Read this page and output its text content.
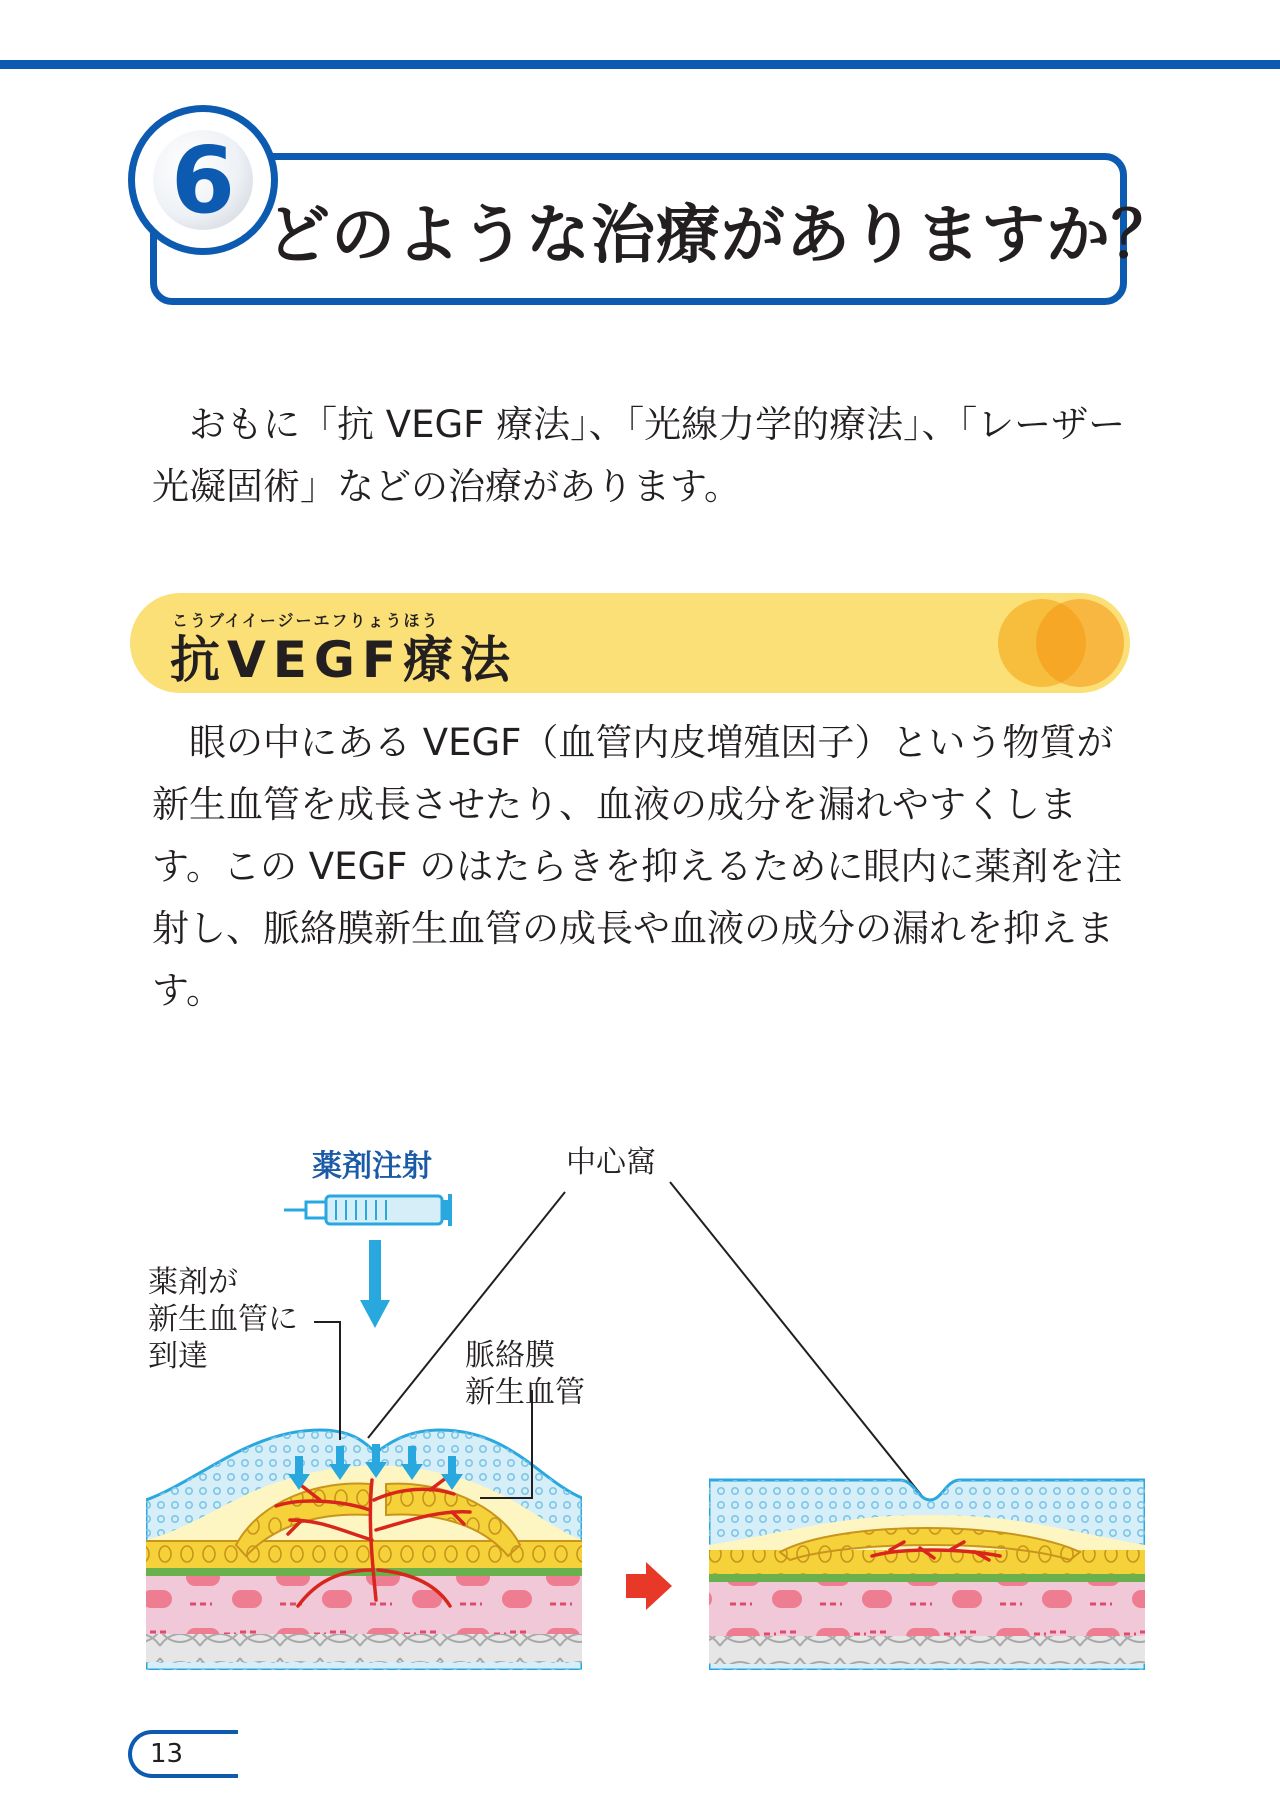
6
どのような治療がありますか？

おもに「抗 VEGF 療法」、「光線力学的療法」、「レーザー光凝固術」などの治療があります。

こうブイイージーエフりょうほう
抗VEGF療法

眼の中にある VEGF（血管内皮増殖因子）という物質が新生血管を成長させたり、血液の成分を漏れやすくします。この VEGF のはたらきを抑えるために眼内に薬剤を注射し、脈絡膜新生血管の成長や血液の成分の漏れを抑えます。

薬剤注射	中心窩
薬剤が
新生血管に
到達	脈絡膜
新生血管
13
